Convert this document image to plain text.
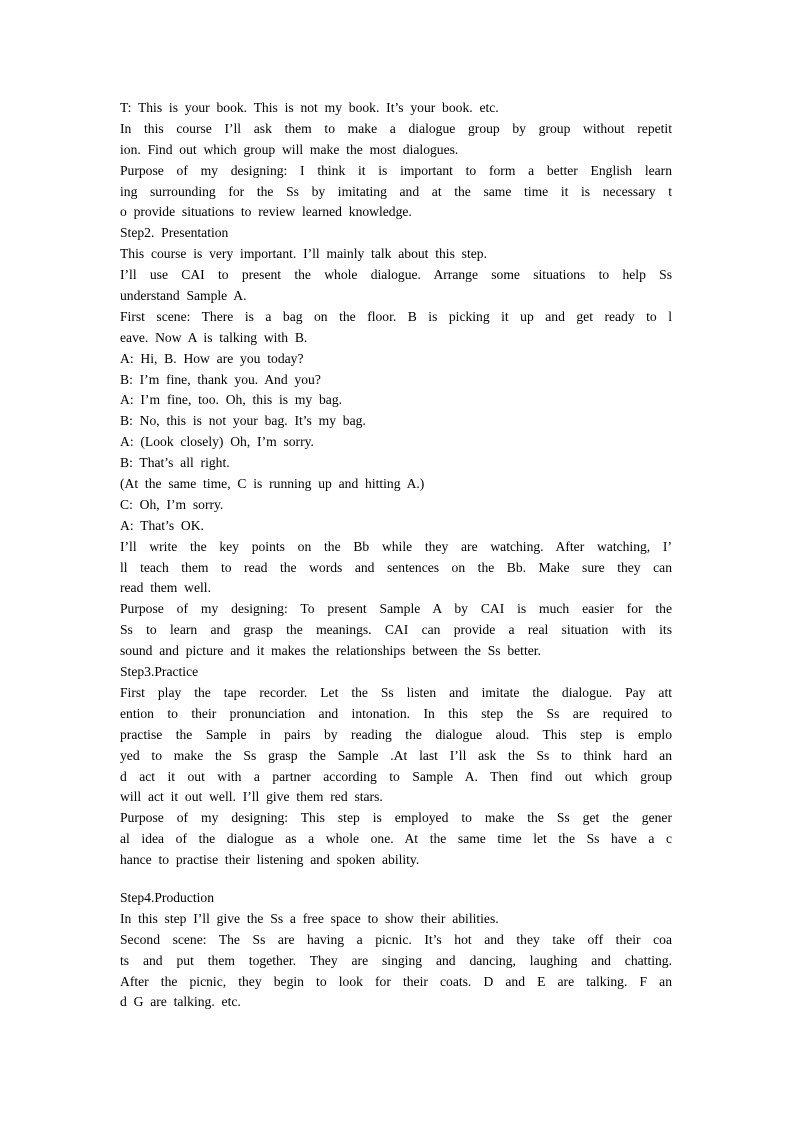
T:  This  is  your  book.  This  is  not  my  book.  It’s  your  book.  etc.
In  this  course  I’ll  ask  them  to  make  a  dialogue  group  by  group  without  repetit
ion.  Find  out  which  group  will  make  the  most  dialogues.
Purpose  of  my  designing:  I  think  it  is  important  to  form  a  better  English  learn
ing  surrounding  for  the  Ss  by  imitating  and  at  the  same  time  it  is  necessary  t
o  provide  situations  to  review  learned  knowledge.
Step2.  Presentation
This  course  is  very  important.  I’ll  mainly  talk  about  this  step.
I’ll  use  CAI  to  present  the  whole  dialogue.  Arrange  some  situations  to  help  Ss
understand  Sample  A.
First  scene:  There  is  a  bag  on  the  floor.  B  is  picking  it  up  and  get  ready  to  l
eave.  Now  A  is  talking  with  B.
A:  Hi,  B.  How  are  you  today?
B:  I’m  fine,  thank  you.  And  you?
A:  I’m  fine,  too.  Oh,  this  is  my  bag.
B:  No,  this  is  not  your  bag.  It’s  my  bag.
A:  (Look  closely)  Oh,  I’m  sorry.
B:  That’s  all  right.
(At  the  same  time,  C  is  running  up  and  hitting  A.)
C:  Oh,  I’m  sorry.
A:  That’s  OK.
I’ll  write  the  key  points  on  the  Bb  while  they  are  watching.  After  watching,  I’
ll  teach  them  to  read  the  words  and  sentences  on  the  Bb.  Make  sure  they  can
read  them  well.
Purpose  of  my  designing:  To  present  Sample  A  by  CAI  is  much  easier  for  the
Ss  to  learn  and  grasp  the  meanings.  CAI  can  provide  a  real  situation  with  its
sound  and  picture  and  it  makes  the  relationships  between  the  Ss  better.
Step3.Practice
First  play  the  tape  recorder.  Let  the  Ss  listen  and  imitate  the  dialogue.  Pay  att
ention  to  their  pronunciation  and  intonation.  In  this  step  the  Ss  are  required  to
practise  the  Sample  in  pairs  by  reading  the  dialogue  aloud.  This  step  is  emplo
yed  to  make  the  Ss  grasp  the  Sample  .At  last  I’ll  ask  the  Ss  to  think  hard  an
d  act  it  out  with  a  partner  according  to  Sample  A.  Then  find  out  which  group
will  act  it  out  well.  I’ll  give  them  red  stars.
Purpose  of  my  designing:  This  step  is  employed  to  make  the  Ss  get  the  gener
al  idea  of  the  dialogue  as  a  whole  one.  At  the  same  time  let  the  Ss  have  a  c
hance  to  practise  their  listening  and  spoken  ability.
Step4.Production
In  this  step  I’ll  give  the  Ss  a  free  space  to  show  their  abilities.
Second  scene:  The  Ss  are  having  a  picnic.  It’s  hot  and  they  take  off  their  coa
ts  and  put  them  together.  They  are  singing  and  dancing,  laughing  and  chatting.
After  the  picnic,  they  begin  to  look  for  their  coats.  D  and  E  are  talking.  F  an
d  G  are  talking.  etc.
